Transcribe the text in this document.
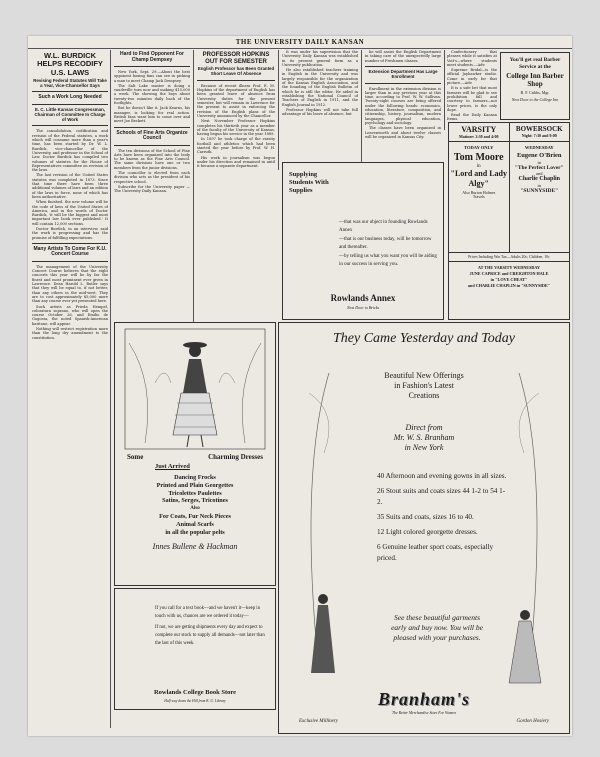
THE UNIVERSITY DAILY KANSAN
W.L. BURDICK HELPS RECODIFY U.S. LAWS
Revising Federal Statutes Will Take a Year, Vice-Chancellor Says
Such a Work Long Needed
E. C. Little Kansas Congressman, Chairman of Committee In Charge of Work

The consolidation, codification and revision of the Federal statutes, a work which will consume more than a year's time, has been started by Dr. W. L. Burdick, vice-chancellor of the University, and professor in the School of Law. Doctor Burdick has compiled two volumes of statutes for the House of Representatives committee on revision of the laws.

The last revision of the United States statutes was completed in 1873. Since that time there have been three additional volumes of laws and an edition of the laws in force, none of which has been authoritative.

When finished, the new volume will be the code of laws of the United States of America, and in the words of Doctor Burdick, 'it will be the biggest and most important law book ever published.' It will contain 12,000 sections.

Doctor Burdick, in an interview, said the work is progressing and has the promise of fulfilling expectations.

Many Artists To Come For K.U. Concert Course

The management of the University Concert Course believes that the eight concerts this year will be by far the finest and most prominent ever given in Lawrence. Dean Harold L. Butler says that they will be equal to, if not better, than any others in the mid-west. They are to cost approximately $5,000 more than any course ever yet presented here.

Such artists as Frieda Hempel, coloratura soprano, who will open the course October 26, and Emilio de Gogorza, the noted Spanish-American baritone, will appear.

Nothing will restrict registration more than the long dry amendment to the constitution.

Hard to Find Opponent For Champ Dempsey

New York, Sept. 29.—About the best opponent boxing fans can see in picking a man to meet Champ Jack Dempsey.

The Salt Lake master is doing a vaudeville turn now and making $15,000 a week. The showing the boys about twenty-two minutes daily back of the footlights.

But he doesn't like it. Jack Kearns, his manager, is looking for real action. British fans want him to come over and meet Joe Beckett.

Schools of Fine Arts Organize Council

The ten divisions of the School of Fine Arts have been organized into the body to be known as the Fine Arts Council. The same divisions have one or two members from the junior divisions.

The councillor is elected from each division who acts as the president of his respective school.

Subscribe for the University paper —The University Daily Kansan.

PROFESSOR HOPKINS OUT FOR SEMESTER
English Professor has Been Granted Short Leave Of Absence

Because of recent illness Prof. E. M. Hopkins of the department of English has been granted leave of absence from University duties for the present semester, but will remain in Lawrence for the present to assist in enforcing the revision of the English plans of the University announced by the Chancellor.

Next November Professor Hopkins completes his thirtieth year as a member of the faculty of the University of Kansas, having begun his service in the year 1889.

In 1897 he took charge of the varsity football and athletics which had been started the year before by Prof. W. H. Carruth.

His work in journalism was begun under his direction and remained in until it became a separate department.

It was under his supervision that the University Daily Kansan was established in its present general form as a University publication.

He also established teachers training in English in the University and was largely responsible for the organization of the Kansas English Association, and the founding of the English Bulletin of which he is still the editor. He aided in establishing the National Council of Teachers of English in 1911, and the English Journal in 1912.

Professor Hopkins will not take full advantage of his leave of absence, but

he will assist the English Department in taking care of the unexpectedly large number of Freshmen classes.

Extension Department Has Large Enrollment

Enrollment in the extension division is larger than in any previous year at this time, according to Prof. W. W. Sullivan. Twenty-eight courses are being offered under the following heads: economics, education, literature, composition, and citizenship, history, journalism, modern languages, physical education, psychology and sociology.

The classes have been organized in Leavenworth and about twelve classes will be organized in Kansas City.

Confectionery that pleases while it satisfies at Voit's—where students meet students.—Adv.

Supreme Bridal—is the official Jayhawker studio. Come in early for that picture.—Adv.

It is a safe bet that most farmers will be glad to see prohibition fall and courtesy to farmers—not lower prices, is the only dope.

Read the Daily Kansan Items.

You'll get real Barber Service at the
College Inn Barber Shop
B. F. Cribbs, Mgr.
Next Door to the College Inn
VARSITY
Matinee: 2:30 and 4:00
BOWERSOCK
Night: 7:30 and 9:00
TODAY ONLY
Tom Moore
in
"Lord and Lady Algy"
Also Burton Holmes
Travels
WEDNESDAY
Eugene O'Brien
in
"The Perfect Lover"
and
Charlie Chaplin
in
"SUNNYSIDE"
Prices Including War Tax—Adults 20c; Children, 10c
AT THE VARSITY WEDNESDAY
JUNE CAPRICE and CREIGHTON HALE
in "LOVE CHEAT"
and CHARLIE CHAPLIN in "SUNNYSIDE"
Supplying Students With Supplies
—that was our object in founding Rowlands Annex
—that is our business today, will be tomorrow and thereafter.
—by telling us what you want you will be aiding in our success in serving you.
Rowlands Annex
Next Door to Bricks
Some	Charming Dresses
Just Arrived
Dancing Frocks
Printed and Plain Georgettes
Tricolettes Paulettes
Satins, Serges, Tricotines
Also
For Coats, Fur Neck Pieces
Animal Scarfs
in all the popular pelts
Innes Bullene & Hackman
If you call for a text book—and we haven't it—keep in touch with us, chances are we ordered it today—
If not, we are getting shipments every day and expect to complete our stock to supply all demands—not later than the last of this week.
Rowlands College Book Store
Half way down the Hill from K. U. Library
They Came Yesterday and Today
Beautiful New Offerings
in Fashion's Latest
Creations
Direct from
Mr. W. S. Branham
in New York
40 Afternoon and evening gowns in all sizes.
26 Stout suits and coats sizes 44 1-2 to 54 1-2.
35 Suits and coats, sizes 16 to 40.
12 Light colored georgette dresses.
6 Genuine leather sport coats, especially priced.
See these beautiful garments early and buy now. You will be pleased with your purchases.
Branham's
The Better Merchandise Store For Women
Exclusive Millinery	Gordon Hosiery
